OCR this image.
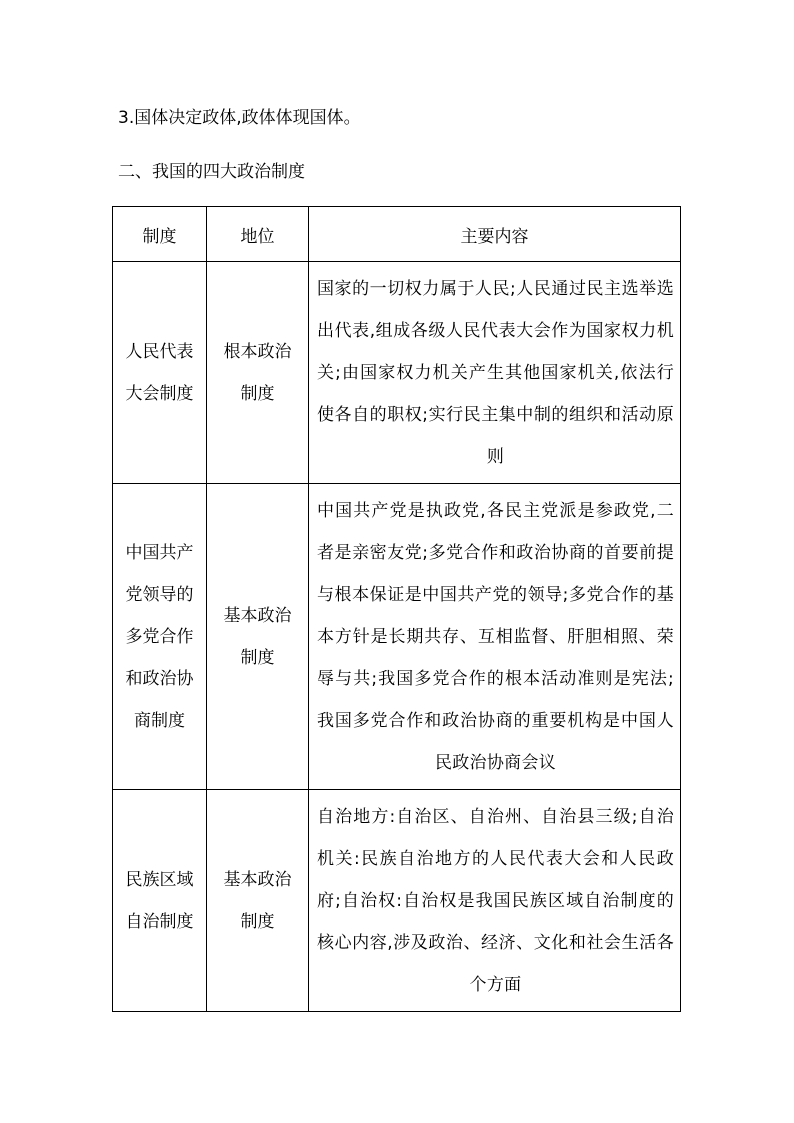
3.国体决定政体,政体体现国体。
二、我国的四大政治制度
制度	地位	主要内容
人民代表大会制度	根本政治制度	国家的一切权力属于人民;人民通过民主选举选出代表,组成各级人民代表大会作为国家权力机关;由国家权力机关产生其他国家机关,依法行使各自的职权;实行民主集中制的组织和活动原则

中国共产党领导的多党合作和政治协商制度	基本政治制度	中国共产党是执政党,各民主党派是参政党,二者是亲密友党;多党合作和政治协商的首要前提与根本保证是中国共产党的领导;多党合作的基本方针是长期共存、互相监督、肝胆相照、荣辱与共;我国多党合作的根本活动准则是宪法;我国多党合作和政治协商的重要机构是中国人民政治协商会议

民族区域自治制度	基本政治制度	自治地方:自治区、自治州、自治县三级;自治机关:民族自治地方的人民代表大会和人民政府;自治权:自治权是我国民族区域自治制度的核心内容,涉及政治、经济、文化和社会生活各个方面
